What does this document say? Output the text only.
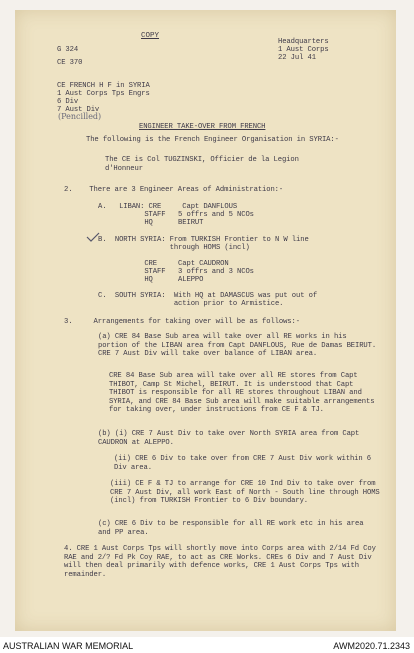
COPY
G 324
CE 370
Headquarters
1 Aust Corps
22 Jul 41
CE FRENCH H F in SYRIA
1 Aust Corps Tps Engrs
6 Div
7 Aust Div
(Pencilled)
ENGINEER TAKE-OVER FROM FRENCH
The following is the French Engineer Organisation in SYRIA:-
The CE is Col TUGZINSKI, Officier de la Legion d'Honneur
2.    There are 3 Engineer Areas of Administration:-
A.   LIBAN: CRE     Capt DANFLOUS
STAFF   5 offrs and 5 NCOs
HQ      BEIRUT
B.  NORTH SYRIA: From TURKISH Frontier to N W line
through HOMS (incl)
CRE     Capt CAUDRON
STAFF   3 offrs and 3 NCOs
HQ      ALEPPO
C.  SOUTH SYRIA:  With HQ at DAMASCUS was put out of
action prior to Armistice.
3.     Arrangements for taking over will be as follows:-
(a) CRE 84 Base Sub area will take over all RE works in his portion of the LIBAN area from Capt DANFLOUS, Rue de Damas BEIRUT. CRE 7 Aust Div will take over balance of LIBAN area.
CRE 84 Base Sub area will take over all RE stores from Capt THIBOT, Camp St Michel, BEIRUT. It is understood that Capt THIBOT is responsible for all RE stores throughout LIBAN and SYRIA, and CRE 84 Base Sub area will make suitable arrangements for taking over, under instructions from CE F & TJ.
(b) (i) CRE 7 Aust Div to take over North SYRIA area from Capt CAUDRON at ALEPPO.
(ii) CRE 6 Div to take over from CRE 7 Aust Div work within 6 Div area.
(iii) CE F & TJ to arrange for CRE 10 Ind Div to take over from CRE 7 Aust Div, all work East of North - South line through HOMS (incl) from TURKISH Frontier to 6 Div boundary.
(c) CRE 6 Div to be responsible for all RE work etc in his area and PP area.
4. CRE 1 Aust Corps Tps will shortly move into Corps area with 2/14 Fd Coy RAE and 2/? Fd Pk Coy RAE, to act as CRE Works. CREs 6 Div and 7 Aust Div will then deal primarily with defence works, CRE 1 Aust Corps Tps with remainder.
AUSTRALIAN WAR MEMORIAL	AWM2020.71.2343
